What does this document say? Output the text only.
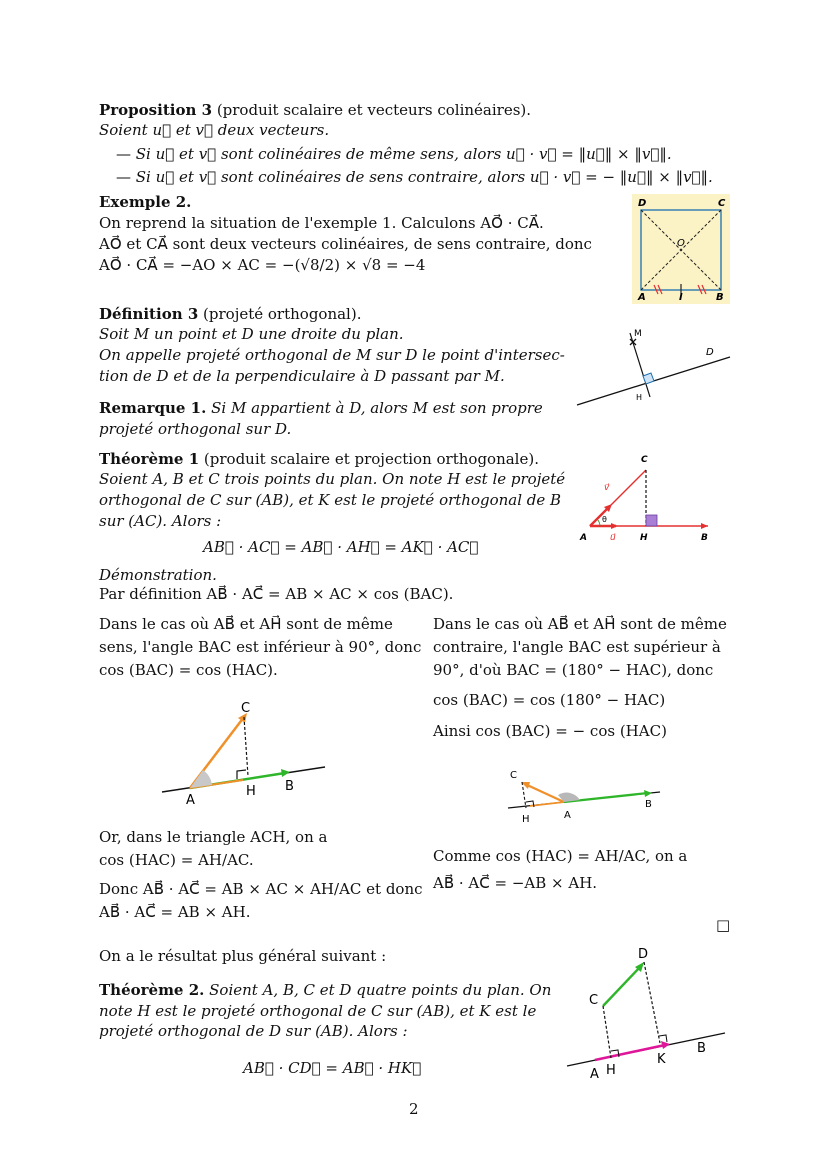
Proposition 3 (produit scalaire et vecteurs colinéaires).
Soient u⃗ et v⃗ deux vecteurs.
— Si u⃗ et v⃗ sont colinéaires de même sens, alors u⃗ · v⃗ = ‖u⃗‖ × ‖v⃗‖.
— Si u⃗ et v⃗ sont colinéaires de sens contraire, alors u⃗ · v⃗ = − ‖u⃗‖ × ‖v⃗‖.
Exemple 2.
On reprend la situation de l'exemple 1. Calculons AO⃗ · CA⃗.
AO⃗ et CA⃗ sont deux vecteurs colinéaires, de sens contraire, donc
AO⃗ · CA⃗ = −AO × AC = −(√8/2) × √8 = −4
D	C
O
A	I	B
Définition 3 (projeté orthogonal).
Soit M un point et D une droite du plan.
On appelle projeté orthogonal de M sur D le point d'intersec-
tion de D et de la perpendiculaire à D passant par M.
M
D
H
Remarque 1. Si M appartient à D, alors M est son propre
projeté orthogonal sur D.
Théorème 1 (produit scalaire et projection orthogonale).
Soient A, B et C trois points du plan. On note H est le projeté
orthogonal de C sur (AB), et K est le projeté orthogonal de B
sur (AC). Alors :
AB⃗ · AC⃗ = AB⃗ · AH⃗ = AK⃗ · AC⃗
C
v⃗
θ
A	u⃗	H	B
Démonstration.
Par définition AB⃗ · AC⃗ = AB × AC × cos (BAC).
Dans le cas où AB⃗ et AH⃗ sont de même
sens, l'angle BAC est inférieur à 90°, donc
cos (BAC) = cos (HAC).
C
A
H B
Or, dans le triangle ACH, on a
cos (HAC) = AH/AC.
Donc AB⃗ · AC⃗ = AB × AC × AH/AC et donc
AB⃗ · AC⃗ = AB × AH.
Dans le cas où AB⃗ et AH⃗ sont de même
contraire, l'angle BAC est supérieur à
90°, d'où BAC = (180° − HAC), donc
cos (BAC) = cos (180° − HAC)
Ainsi cos (BAC) = − cos (HAC)
C
H	A
B
Comme cos (HAC) = AH/AC, on a
AB⃗ · AC⃗ = −AB × AH.
□
On a le résultat plus général suivant :
Théorème 2. Soient A, B, C et D quatre points du plan. On
note H est le projeté orthogonal de C sur (AB), et K est le
projeté orthogonal de D sur (AB). Alors :
AB⃗ · CD⃗ = AB⃗ · HK⃗
D
C
B
K
A H
2
